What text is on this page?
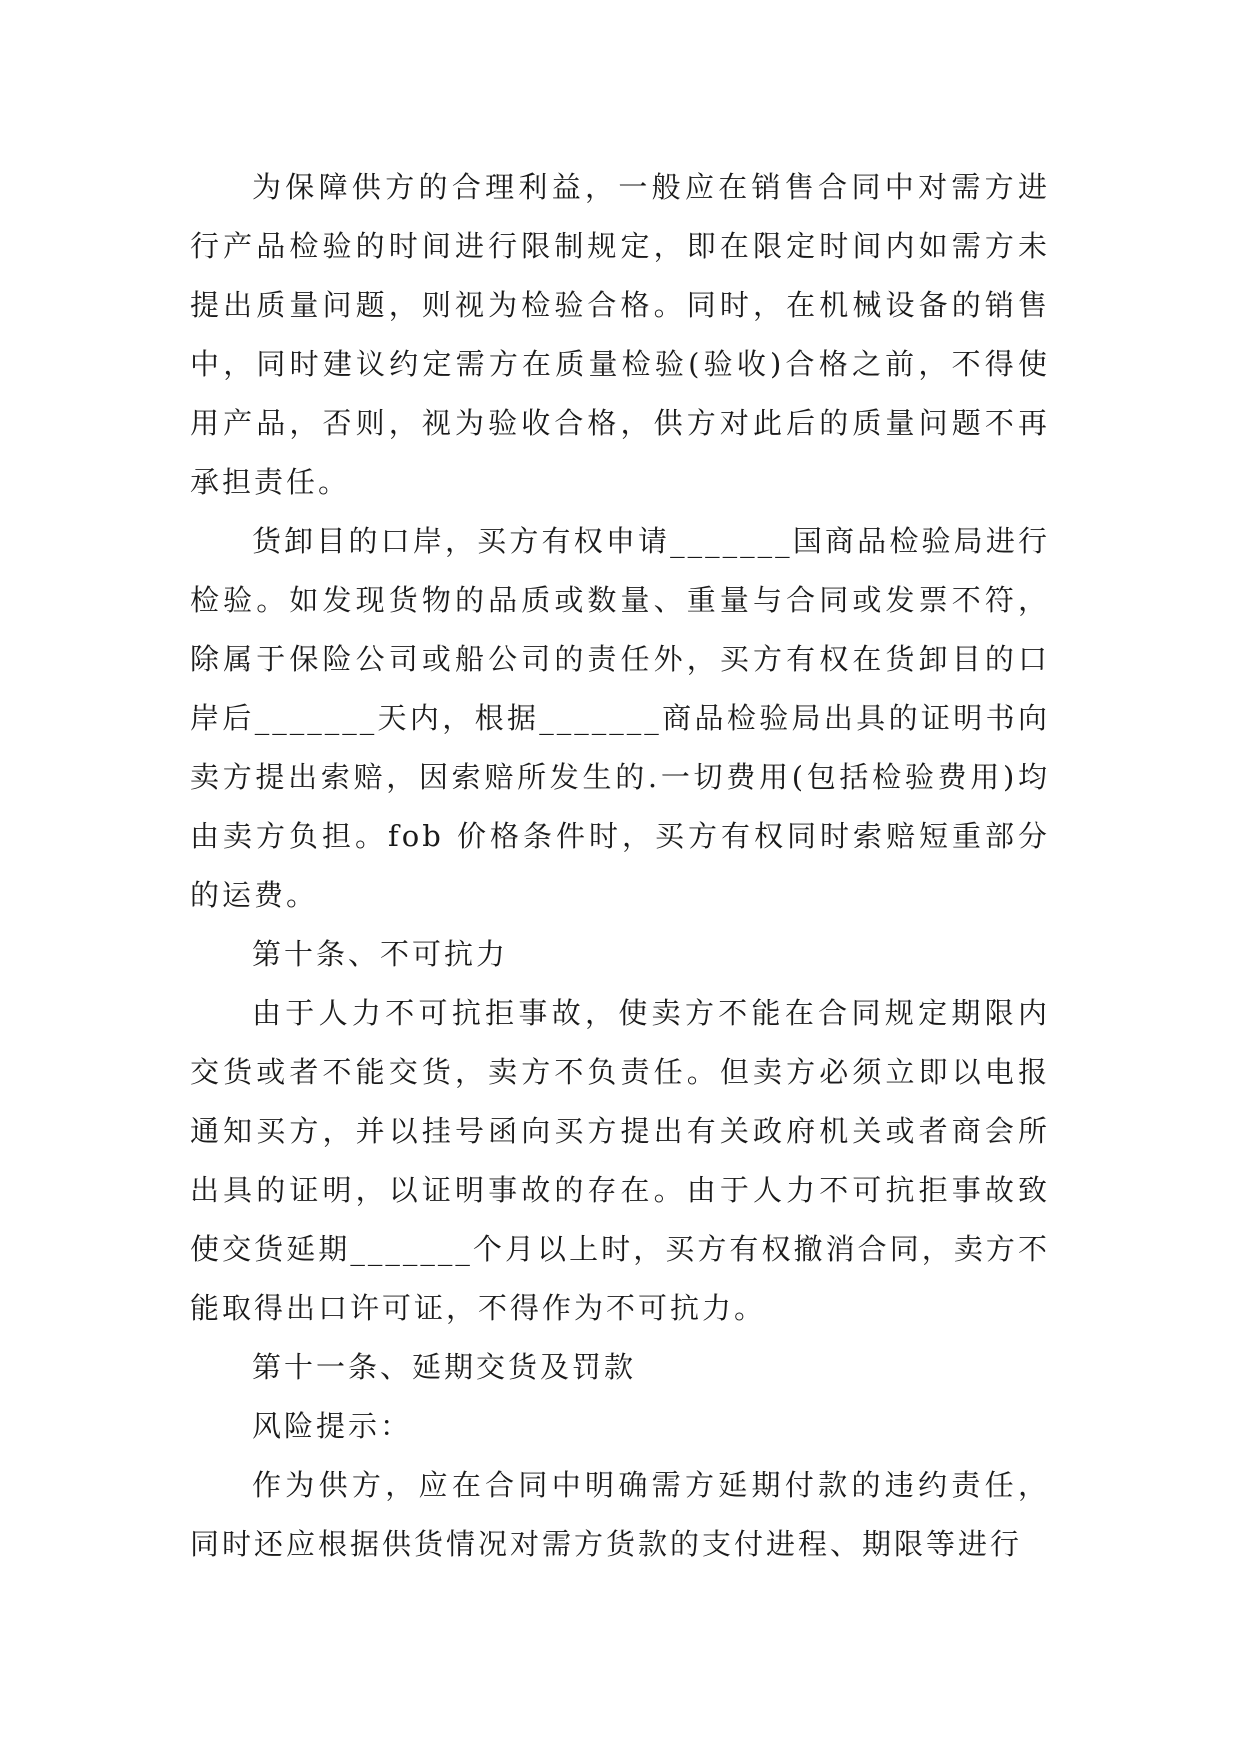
为保障供方的合理利益，一般应在销售合同中对需方进行产品检验的时间进行限制规定，即在限定时间内如需方未提出质量问题，则视为检验合格。同时，在机械设备的销售中，同时建议约定需方在质量检验(验收)合格之前，不得使用产品，否则，视为验收合格，供方对此后的质量问题不再承担责任。

货卸目的口岸，买方有权申请_______国商品检验局进行检验。如发现货物的品质或数量、重量与合同或发票不符，除属于保险公司或船公司的责任外，买方有权在货卸目的口岸后_______天内，根据_______商品检验局出具的证明书向卖方提出索赔，因索赔所发生的.一切费用(包括检验费用)均由卖方负担。fob 价格条件时，买方有权同时索赔短重部分的运费。

第十条、不可抗力

由于人力不可抗拒事故，使卖方不能在合同规定期限内交货或者不能交货，卖方不负责任。但卖方必须立即以电报通知买方，并以挂号函向买方提出有关政府机关或者商会所出具的证明，以证明事故的存在。由于人力不可抗拒事故致使交货延期_______个月以上时，买方有权撤消合同，卖方不能取得出口许可证，不得作为不可抗力。

第十一条、延期交货及罚款

风险提示：

作为供方，应在合同中明确需方延期付款的违约责任，同时还应根据供货情况对需方货款的支付进程、期限等进行
